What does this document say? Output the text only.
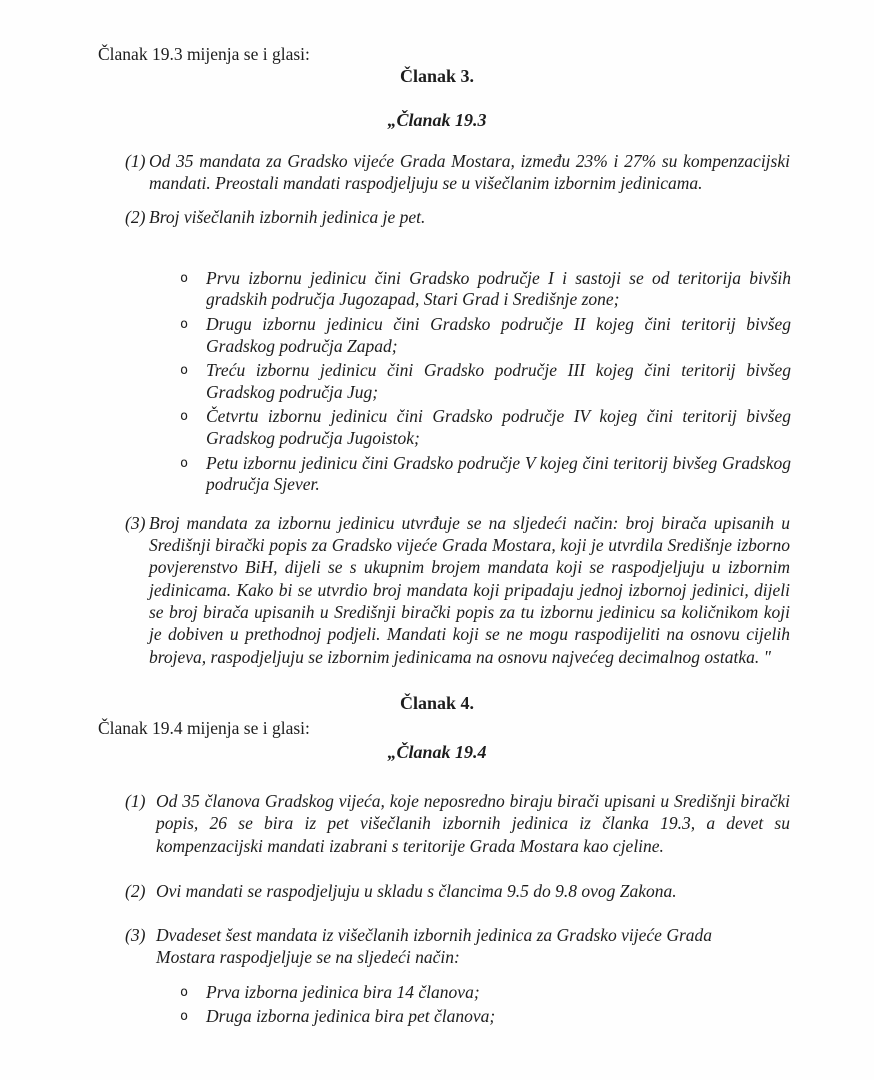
Članak 19.3 mijenja se i glasi:

Članak 3.

„Članak 19.3

(1) Od 35 mandata za Gradsko vijeće Grada Mostara, između 23% i 27% su kompenzacijski mandati. Preostali mandati raspodjeljuju se u višečlanim izbornim jedinicama.
(2) Broj višečlanih izbornih jedinica je pet.
o	Prvu izbornu jedinicu čini Gradsko područje I i sastoji se od teritorija bivših gradskih područja Jugozapad, Stari Grad i Središnje zone;
o	Drugu izbornu jedinicu čini Gradsko područje II kojeg čini teritorij bivšeg Gradskog područja Zapad;
o	Treću izbornu jedinicu čini Gradsko područje III kojeg čini teritorij bivšeg Gradskog područja Jug;
o	Četvrtu izbornu jedinicu čini Gradsko područje IV kojeg čini teritorij bivšeg Gradskog područja Jugoistok;
o	Petu izbornu jedinicu čini Gradsko područje V kojeg čini teritorij bivšeg Gradskog područja Sjever.
(3) Broj mandata za izbornu jedinicu utvrđuje se na sljedeći način: broj birača upisanih u Središnji birački popis za Gradsko vijeće Grada Mostara, koji je utvrdila Središnje izborno povjerenstvo BiH, dijeli se s ukupnim brojem mandata koji se raspodjeljuju u izbornim jedinicama. Kako bi se utvrdio broj mandata koji pripadaju jednoj izbornoj jedinici, dijeli se broj birača upisanih u Središnji birački popis za tu izbornu jedinicu sa količnikom koji je dobiven u prethodnoj podjeli. Mandati koji se ne mogu raspodijeliti na osnovu cijelih brojeva, raspodjeljuju se izbornim jedinicama na osnovu najvećeg decimalnog ostatka. "

Članak 4.

Članak 19.4 mijenja se i glasi:

„Članak 19.4

(1) Od 35 članova Gradskog vijeća, koje neposredno biraju birači upisani u Središnji birački popis, 26 se bira iz pet višečlanih izbornih jedinica iz članka 19.3, a devet su kompenzacijski mandati izabrani s teritorije Grada Mostara kao cjeline.
(2) Ovi mandati se raspodjeljuju u skladu s člancima 9.5 do 9.8 ovog Zakona.
(3) Dvadeset šest mandata iz višečlanih izbornih jedinica za Gradsko vijeće Grada Mostara raspodjeljuje se na sljedeći način:
o	Prva izborna jedinica bira 14 članova;
o	Druga izborna jedinica bira pet članova;
